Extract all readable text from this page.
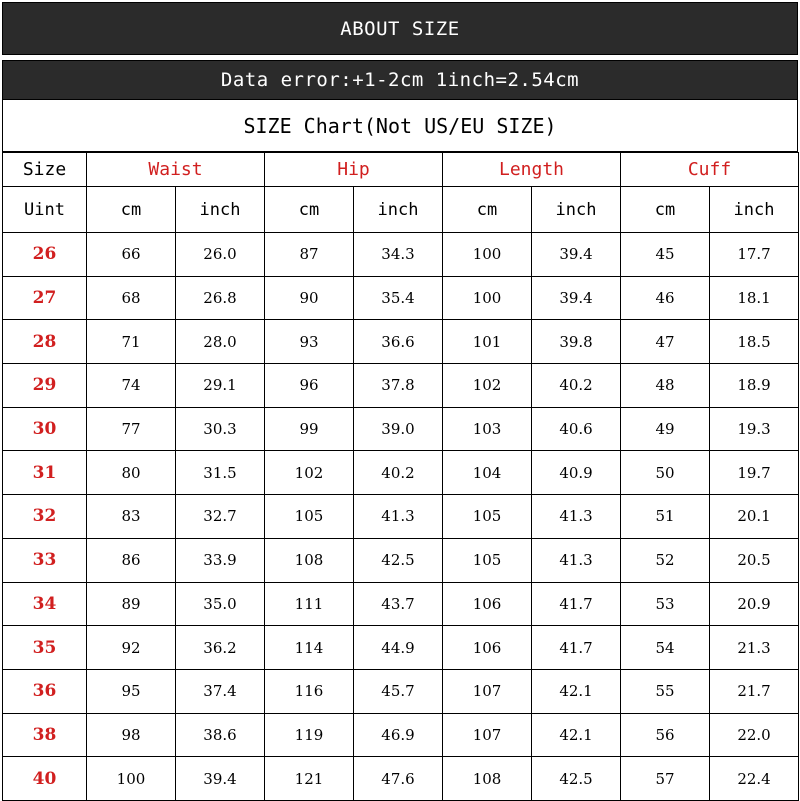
ABOUT SIZE
Data error:+1-2cm 1inch=2.54cm
SIZE Chart(Not US/EU SIZE)
Size	Waist		Hip		Length		Cuff	
Uint	cm	inch	cm	inch	cm	inch	cm	inch
26	66	26.0	87	34.3	100	39.4	45	17.7
27	68	26.8	90	35.4	100	39.4	46	18.1
28	71	28.0	93	36.6	101	39.8	47	18.5
29	74	29.1	96	37.8	102	40.2	48	18.9
30	77	30.3	99	39.0	103	40.6	49	19.3
31	80	31.5	102	40.2	104	40.9	50	19.7
32	83	32.7	105	41.3	105	41.3	51	20.1
33	86	33.9	108	42.5	105	41.3	52	20.5
34	89	35.0	111	43.7	106	41.7	53	20.9
35	92	36.2	114	44.9	106	41.7	54	21.3
36	95	37.4	116	45.7	107	42.1	55	21.7
38	98	38.6	119	46.9	107	42.1	56	22.0
40	100	39.4	121	47.6	108	42.5	57	22.4
